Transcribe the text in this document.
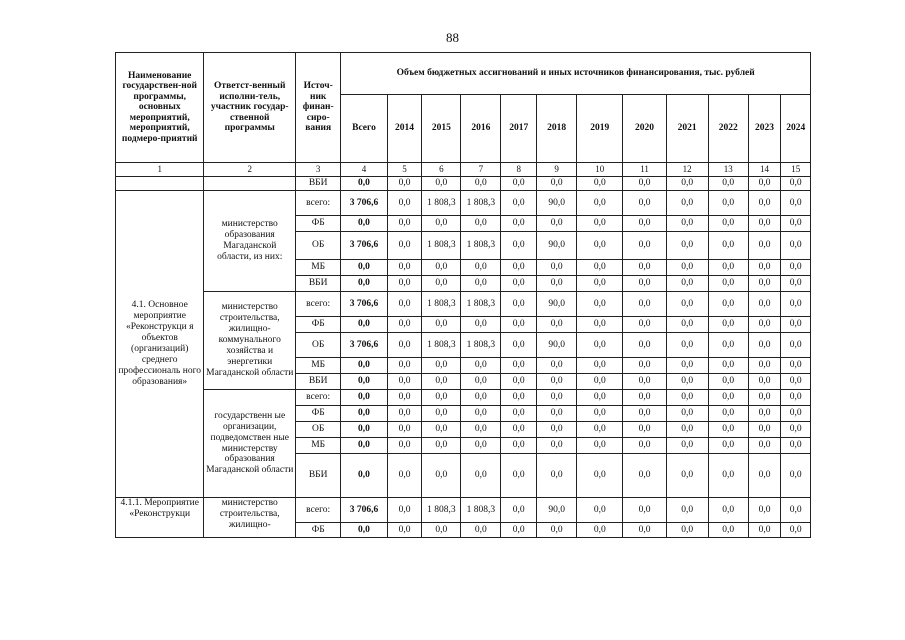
88
Наименование государствен-ной программы, основных мероприятий, мероприятий, подмеро-приятий	Ответст-венный исполни-тель, участник государ-ственной программы	Источ-ник финан-сиро-вания	Объем бюджетных ассигнований и иных источников финансирования, тыс. рублей											
			Всего	2014	2015	2016	2017	2018	2019	2020	2021	2022	2023	2024
1	2	3	4	5	6	7	8	9	10	11	12	13	14	15
		ВБИ	0,0	0,0	0,0	0,0	0,0	0,0	0,0	0,0	0,0	0,0	0,0	0,0
4.1. Основное мероприятие «Реконструкци я объектов (организаций) среднего профессиональ ного образования»	министерство образования Магаданской области, из них:	всего:	3 706,6	0,0	1 808,3	1 808,3	0,0	90,0	0,0	0,0	0,0	0,0	0,0	0,0
		ФБ	0,0	0,0	0,0	0,0	0,0	0,0	0,0	0,0	0,0	0,0	0,0	0,0
		ОБ	3 706,6	0,0	1 808,3	1 808,3	0,0	90,0	0,0	0,0	0,0	0,0	0,0	0,0
		МБ	0,0	0,0	0,0	0,0	0,0	0,0	0,0	0,0	0,0	0,0	0,0	0,0
		ВБИ	0,0	0,0	0,0	0,0	0,0	0,0	0,0	0,0	0,0	0,0	0,0	0,0
	министерство строительства, жилищно-коммунального хозяйства и энергетики Магаданской области	всего:	3 706,6	0,0	1 808,3	1 808,3	0,0	90,0	0,0	0,0	0,0	0,0	0,0	0,0
		ФБ	0,0	0,0	0,0	0,0	0,0	0,0	0,0	0,0	0,0	0,0	0,0	0,0
		ОБ	3 706,6	0,0	1 808,3	1 808,3	0,0	90,0	0,0	0,0	0,0	0,0	0,0	0,0
		МБ	0,0	0,0	0,0	0,0	0,0	0,0	0,0	0,0	0,0	0,0	0,0	0,0
		ВБИ	0,0	0,0	0,0	0,0	0,0	0,0	0,0	0,0	0,0	0,0	0,0	0,0
	государственн ые организации, подведомствен ные министерству образования Магаданской области	всего:	0,0	0,0	0,0	0,0	0,0	0,0	0,0	0,0	0,0	0,0	0,0	0,0
		ФБ	0,0	0,0	0,0	0,0	0,0	0,0	0,0	0,0	0,0	0,0	0,0	0,0
		ОБ	0,0	0,0	0,0	0,0	0,0	0,0	0,0	0,0	0,0	0,0	0,0	0,0
		МБ	0,0	0,0	0,0	0,0	0,0	0,0	0,0	0,0	0,0	0,0	0,0	0,0
		ВБИ	0,0	0,0	0,0	0,0	0,0	0,0	0,0	0,0	0,0	0,0	0,0	0,0
4.1.1. Мероприятие «Реконструкци	министерство строительства, жилищно-	всего:	3 706,6	0,0	1 808,3	1 808,3	0,0	90,0	0,0	0,0	0,0	0,0	0,0	0,0
		ФБ	0,0	0,0	0,0	0,0	0,0	0,0	0,0	0,0	0,0	0,0	0,0	0,0
